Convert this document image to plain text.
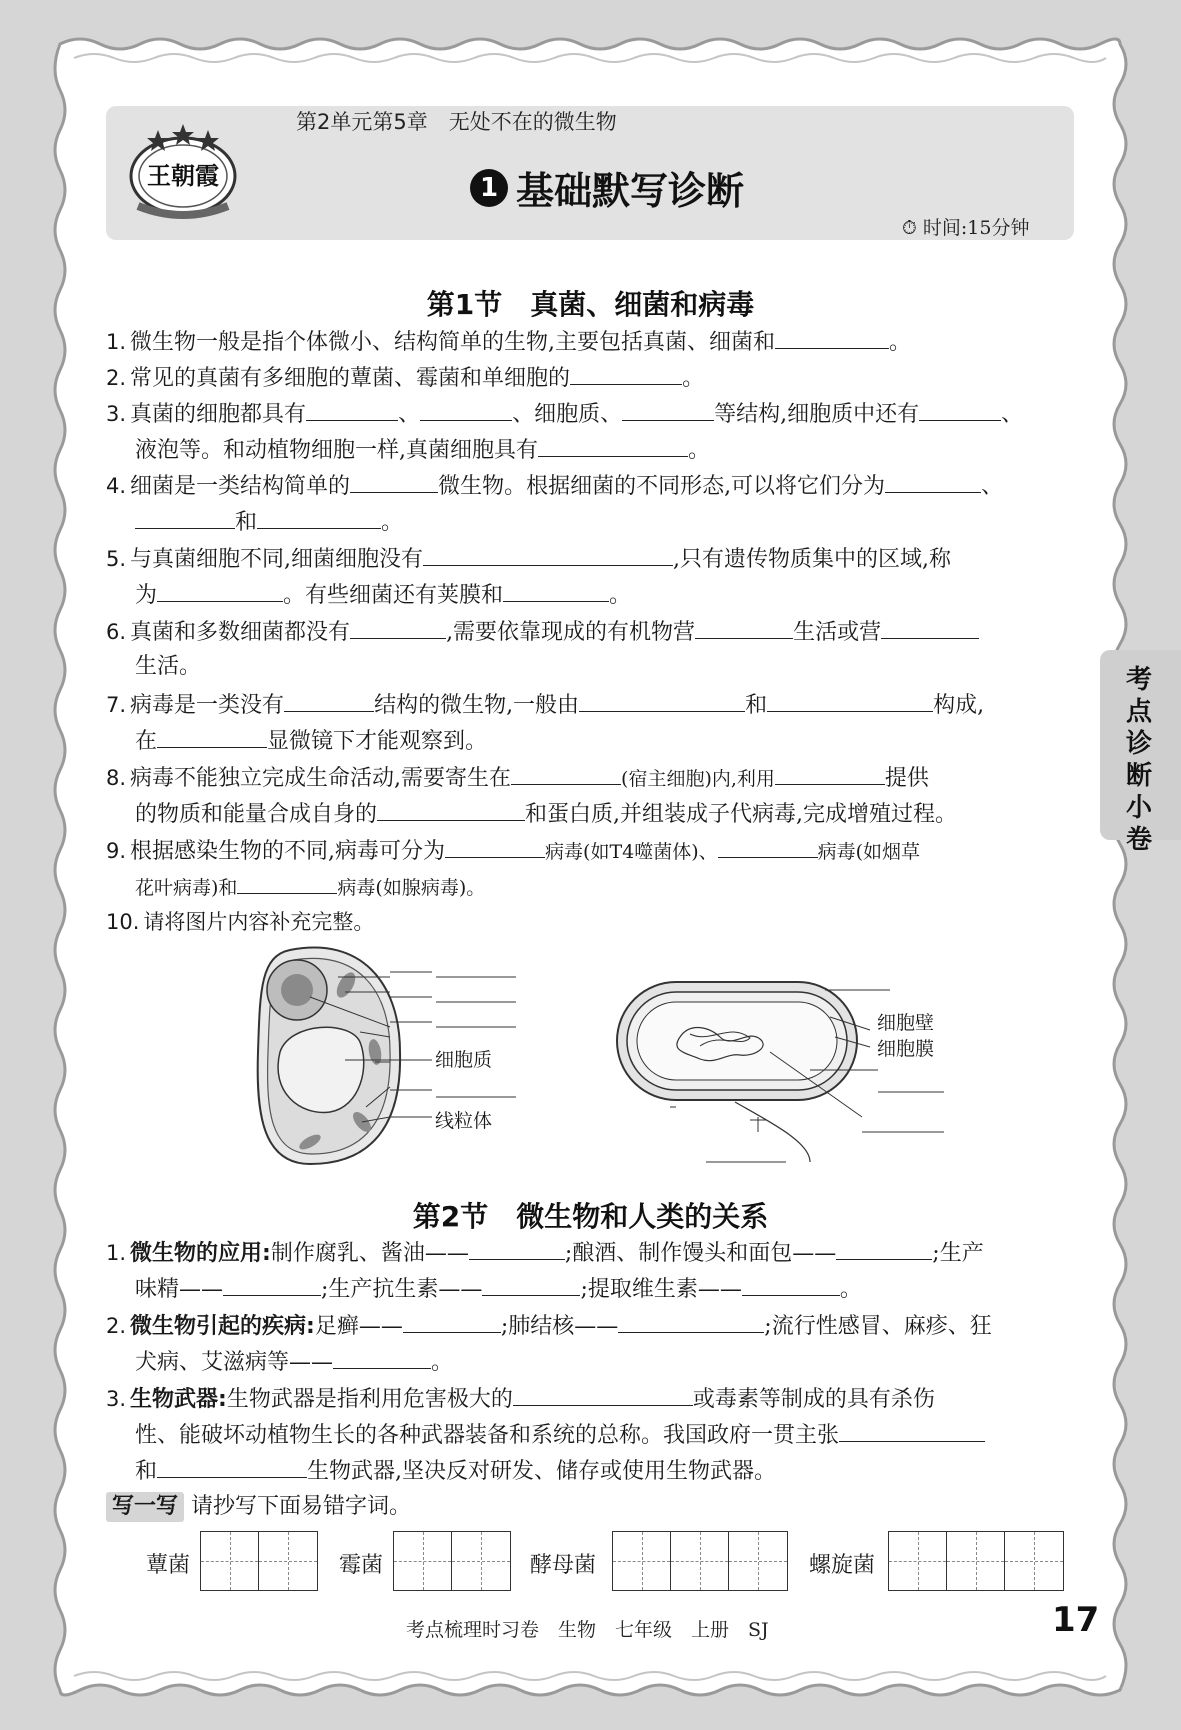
王朝霞
第2单元第5章　无处不在的微生物
1 基础默写诊断
⏱ 时间:15分钟
考点诊断小卷
第1节　真菌、细菌和病毒
1. 微生物一般是指个体微小、结构简单的生物,主要包括真菌、细菌和	。
2. 常见的真菌有多细胞的蕈菌、霉菌和单细胞的	。
3. 真菌的细胞都具有	、	、细胞质、	等结构,细胞质中还有	、
液泡等。和动植物细胞一样,真菌细胞具有	。
4. 细菌是一类结构简单的	微生物。根据细菌的不同形态,可以将它们分为	、
和	。
5. 与真菌细胞不同,细菌细胞没有	,只有遗传物质集中的区域,称
为	。有些细菌还有荚膜和	。
6. 真菌和多数细菌都没有	,需要依靠现成的有机物营	生活或营
生活。
7. 病毒是一类没有	结构的微生物,一般由	和	构成,
在	显微镜下才能观察到。
8. 病毒不能独立完成生命活动,需要寄生在	(宿主细胞)内,利用	提供
的物质和能量合成自身的	和蛋白质,并组装成子代病毒,完成增殖过程。
9. 根据感染生物的不同,病毒可分为	病毒(如T4噬菌体)、	病毒(如烟草
花叶病毒)和	病毒(如腺病毒)。
10. 请将图片内容补充完整。
细胞质
线粒体
细胞壁
细胞膜
第2节　微生物和人类的关系
1. 微生物的应用:制作腐乳、酱油——	;酿酒、制作馒头和面包——	;生产
味精——	;生产抗生素——	;提取维生素——	。
2. 微生物引起的疾病:足癣——	;肺结核——	;流行性感冒、麻疹、狂
犬病、艾滋病等——	。
3. 生物武器:生物武器是指利用危害极大的	或毒素等制成的具有杀伤
性、能破坏动植物生长的各种武器装备和系统的总称。我国政府一贯主张
和	生物武器,坚决反对研发、储存或使用生物武器。
写一写 请抄写下面易错字词。
蕈菌	霉菌	酵母菌	螺旋菌
考点梳理时习卷　生物　七年级　上册　SJ	17
